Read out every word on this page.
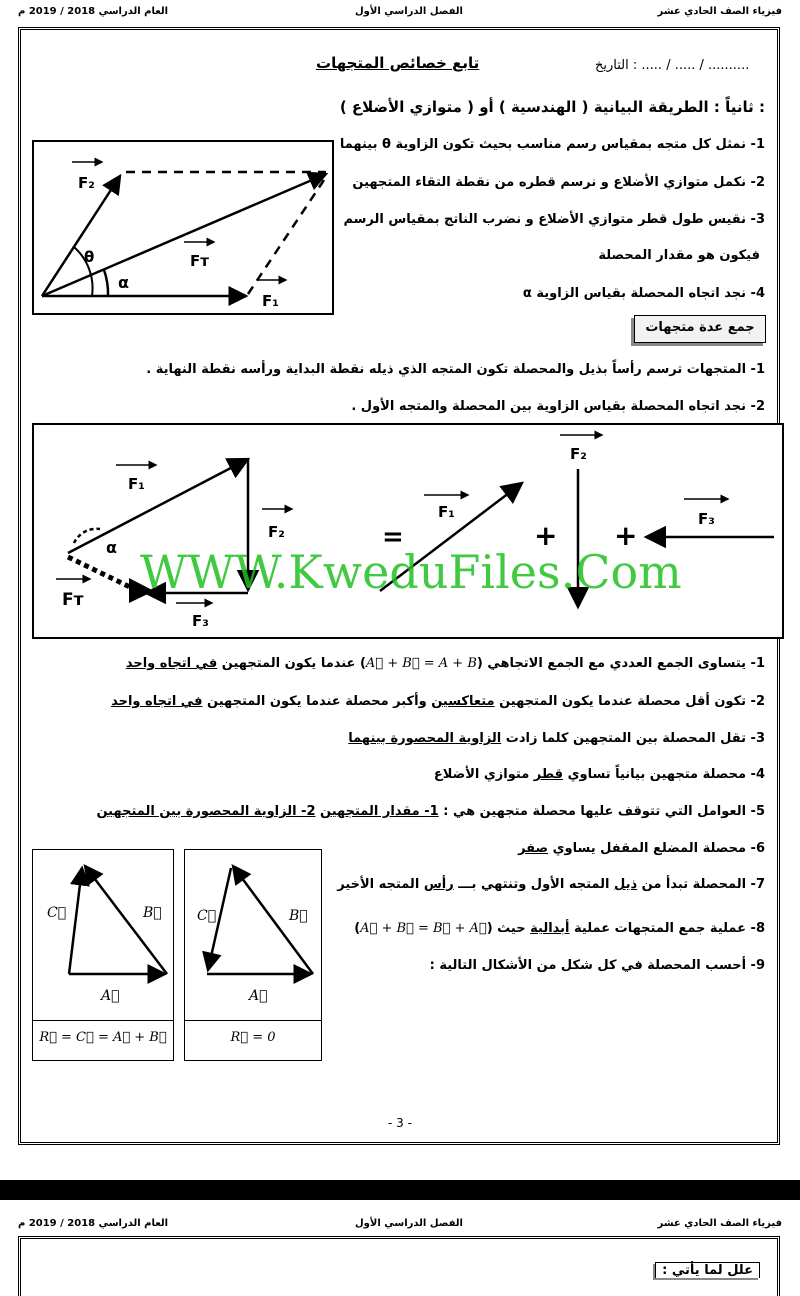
فيزياء الصف الحادي عشر
الفصل الدراسي الأول
العام الدراسي 2018 / 2019 م
التاريخ : ..... / ..... / ..........
تابع خصائص المتجهات
ثانياً : الطريقة البيانية ( الهندسية ) أو ( متوازي الأضلاع ) :
1- نمثل كل متجه بمقياس رسم مناسب بحيث تكون الزاوية θ بينهما
2- نكمل متوازي الأضلاع و نرسم قطره من نقطة التقاء المتجهين
3- نقيس طول قطر متوازي الأضلاع و نضرب الناتج بمقياس الرسم
فيكون هو مقدار المحصلة
4- نجد اتجاه المحصلة بقياس الزاوية α
F₂
θ	Fᴛ
α
F₁
جمع عدة متجهات
1- المتجهات ترسم رأساً بذيل والمحصلة تكون المتجه الذي ذيله نقطة البداية ورأسه نقطة النهاية .
2- نجد اتجاه المحصلة بقياس الزاوية بين المحصلة والمتجه الأول .
F₁
α
F₂
Fᴛ
F₃
=
F₁
+
F₂
+	F₃
WWW.KweduFiles.Com
1- يتساوى الجمع العددي مع الجمع الاتجاهي (A⃗ + B⃗ = A + B) عندما يكون المتجهين في اتجاه واحد
2- تكون أقل محصلة عندما يكون المتجهين متعاكسين وأكبر محصلة عندما يكون المتجهين في اتجاه واحد
3- تقل المحصلة بين المتجهين كلما زادت الزاوية المحصورة بينهما
4- محصلة متجهين بيانياً تساوي قطر متوازي الأضلاع
5- العوامل التي تتوقف عليها محصلة متجهين هي : 1- مقدار المتجهين 2- الزاوية المحصورة بين المتجهين
6- محصلة المضلع المقفل يساوي صفر
7- المحصلة تبدأ من ذيل المتجه الأول وتنتهي بـــ رأس المتجه الأخير
8- عملية جمع المتجهات عملية أبدالية حيث (A⃗ + B⃗ = B⃗ + A⃗)
9- أحسب المحصلة في كل شكل من الأشكال التالية :
C⃗	B⃗
A⃗
R⃗ = C⃗ = A⃗ + B⃗
C⃗	B⃗
A⃗
R⃗ = 0
- 3 -
فيزياء الصف الحادي عشر
الفصل الدراسي الأول
العام الدراسي 2018 / 2019 م
علل لما يأتي :
